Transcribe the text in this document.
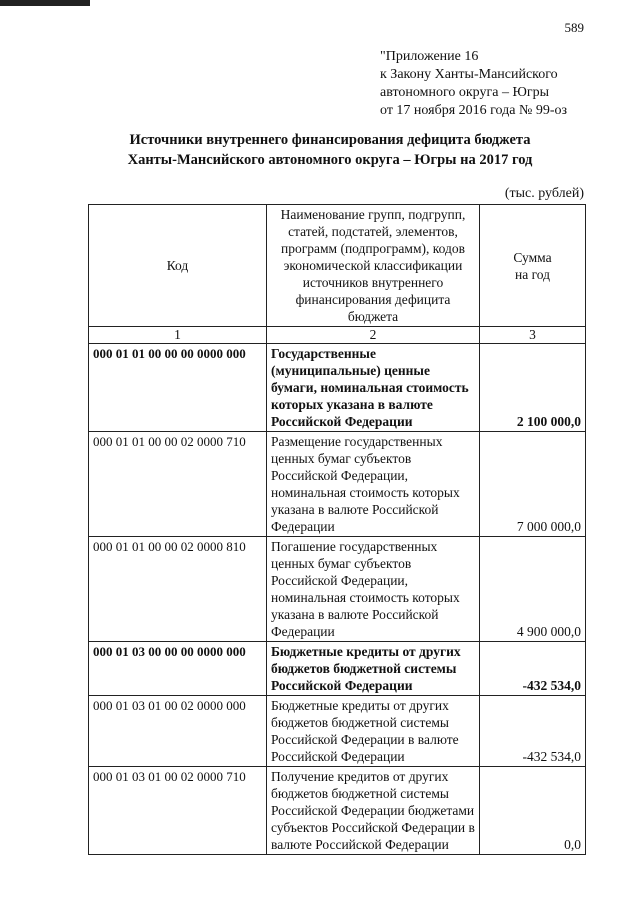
589
"Приложение 16
к Закону Ханты-Мансийского
автономного округа – Югры
от 17 ноября 2016 года № 99-оз
Источники внутреннего финансирования дефицита бюджета
Ханты-Мансийского автономного округа – Югры на 2017 год
(тыс. рублей)
Код	Наименование групп, подгрупп, статей, подстатей, элементов, программ (подпрограмм), кодов экономической классификации источников внутреннего финансирования дефицита бюджета	Сумма
на год

1	2	3
000 01 01 00 00 00 0000 000	Государственные (муниципальные) ценные бумаги, номинальная стоимость которых указана в валюте Российской Федерации	2 100 000,0
000 01 01 00 00 02 0000 710	Размещение государственных ценных бумаг субъектов Российской Федерации, номинальная стоимость которых указана в валюте Российской Федерации	7 000 000,0
000 01 01 00 00 02 0000 810	Погашение государственных ценных бумаг субъектов Российской Федерации, номинальная стоимость которых указана в валюте Российской Федерации	4 900 000,0
000 01 03 00 00 00 0000 000	Бюджетные кредиты от других бюджетов бюджетной системы Российской Федерации	-432 534,0
000 01 03 01 00 02 0000 000	Бюджетные кредиты от других бюджетов бюджетной системы Российской Федерации в валюте Российской Федерации	-432 534,0
000 01 03 01 00 02 0000 710	Получение кредитов от других бюджетов бюджетной системы Российской Федерации бюджетами субъектов Российской Федерации в валюте Российской Федерации	0,0
